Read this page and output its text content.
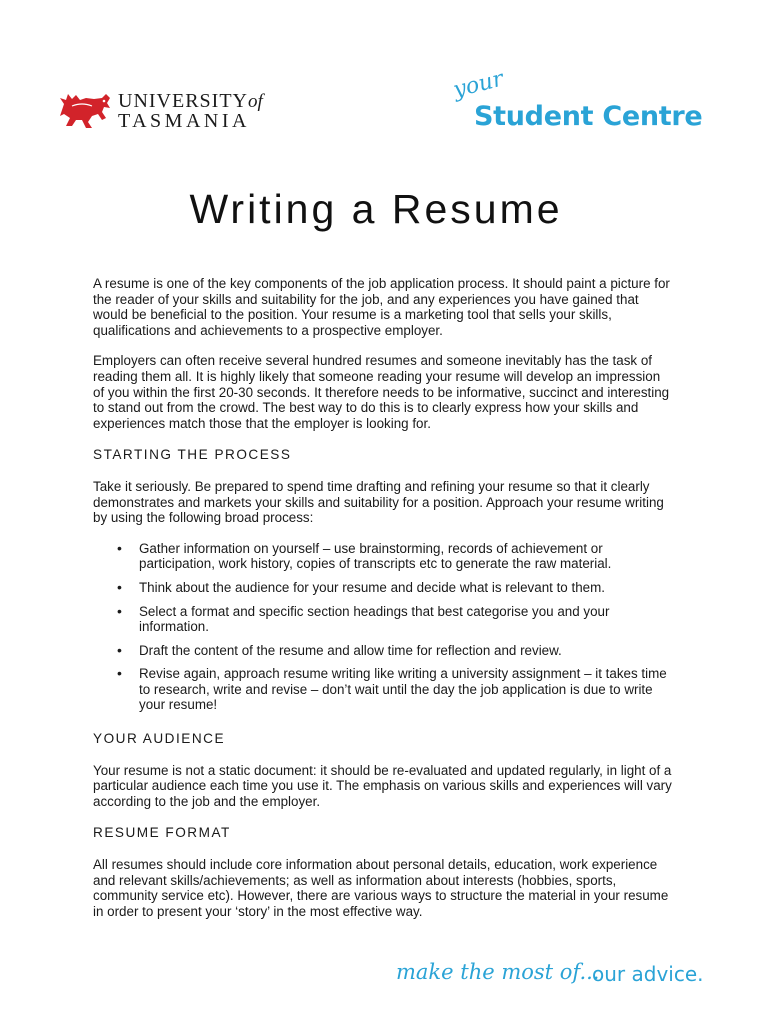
UNIVERSITYof
TASMANIA
your
Student Centre
Writing a Resume

A resume is one of the key components of the job application process. It should paint a picture for the reader of your skills and suitability for the job, and any experiences you have gained that would be beneficial to the position. Your resume is a marketing tool that sells your skills, qualifications and achievements to a prospective employer.

Employers can often receive several hundred resumes and someone inevitably has the task of reading them all. It is highly likely that someone reading your resume will develop an impression of you within the first 20-30 seconds. It therefore needs to be informative, succinct and interesting to stand out from the crowd. The best way to do this is to clearly express how your skills and experiences match those that the employer is looking for.

STARTING THE PROCESS

Take it seriously. Be prepared to spend time drafting and refining your resume so that it clearly demonstrates and markets your skills and suitability for a position. Approach your resume writing by using the following broad process:

• Gather information on yourself – use brainstorming, records of achievement or participation, work history, copies of transcripts etc to generate the raw material.
• Think about the audience for your resume and decide what is relevant to them.
• Select a format and specific section headings that best categorise you and your information.
• Draft the content of the resume and allow time for reflection and review.
• Revise again, approach resume writing like writing a university assignment – it takes time to research, write and revise – don’t wait until the day the job application is due to write your resume!
YOUR AUDIENCE

Your resume is not a static document: it should be re-evaluated and updated regularly, in light of a particular audience each time you use it. The emphasis on various skills and experiences will vary according to the job and the employer.

RESUME FORMAT

All resumes should include core information about personal details, education, work experience and relevant skills/achievements; as well as information about interests (hobbies, sports, community service etc). However, there are various ways to structure the material in your resume in order to present your ‘story’ in the most effective way.

make the most of...
our advice.
